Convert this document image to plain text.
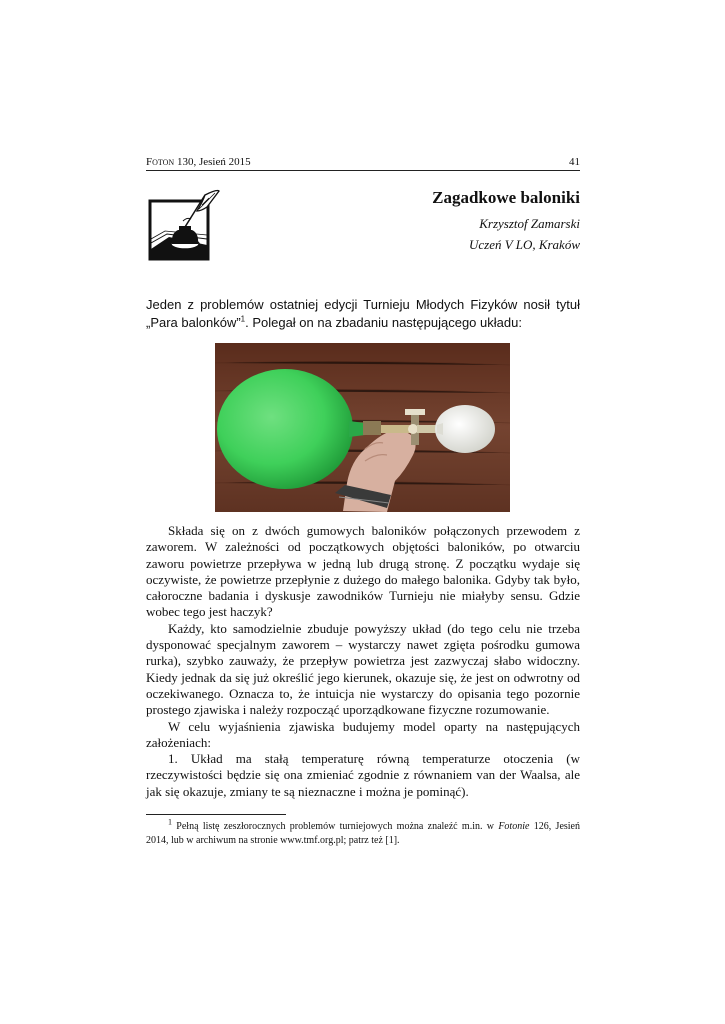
Foton 130, Jesień 2015	41
Zagadkowe baloniki
Krzysztof Zamarski
Uczeń V LO, Kraków
Jeden z problemów ostatniej edycji Turnieju Młodych Fizyków nosił tytuł „Para balonków”$^1$. Polegał on na zbadaniu następującego układu:

Składa się on z dwóch gumowych baloników połączonych przewodem z zaworem. W zależności od początkowych objętości baloników, po otwarciu zaworu powietrze przepływa w jedną lub drugą stronę. Z początku wydaje się oczywiste, że powietrze przepłynie z dużego do małego balonika. Gdyby tak było, całoroczne badania i dyskusje zawodników Turnieju nie miałyby sensu. Gdzie wobec tego jest haczyk?

Każdy, kto samodzielnie zbuduje powyższy układ (do tego celu nie trzeba dysponować specjalnym zaworem – wystarczy nawet zgięta pośrodku gumowa rurka), szybko zauważy, że przepływ powietrza jest zazwyczaj słabo widoczny. Kiedy jednak da się już określić jego kierunek, okazuje się, że jest on odwrotny od oczekiwanego. Oznacza to, że intuicja nie wystarczy do opisania tego pozornie prostego zjawiska i należy rozpocząć uporządkowane fizyczne rozumowanie.

W celu wyjaśnienia zjawiska budujemy model oparty na następujących założeniach:

1. Układ ma stałą temperaturę równą temperaturze otoczenia (w rzeczywistości będzie się ona zmieniać zgodnie z równaniem van der Waalsa, ale jak się okazuje, zmiany te są nieznaczne i można je pominąć).

$^1$ Pełną listę zeszłorocznych problemów turniejowych można znaleźć m.in. w Fotonie 126, Jesień 2014, lub w archiwum na stronie www.tmf.org.pl; patrz też [1].
